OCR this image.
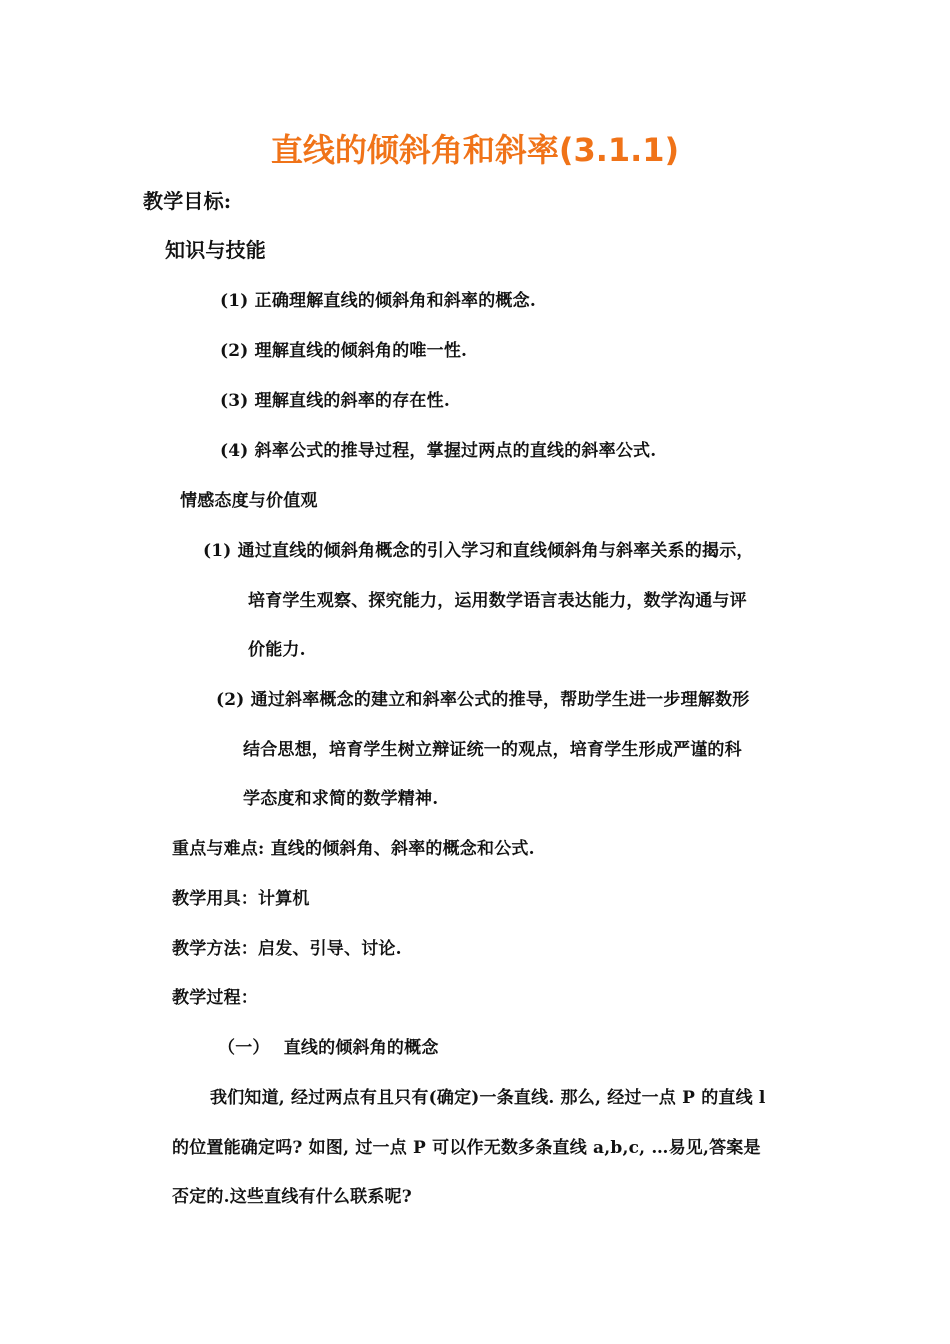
直线的倾斜角和斜率(3.1.1)
教学目标:
知识与技能
(1) 正确理解直线的倾斜角和斜率的概念.
(2) 理解直线的倾斜角的唯一性.
(3) 理解直线的斜率的存在性.
(4) 斜率公式的推导过程，掌握过两点的直线的斜率公式.
情感态度与价值观
(1) 通过直线的倾斜角概念的引入学习和直线倾斜角与斜率关系的揭示，
培育学生观察、探究能力，运用数学语言表达能力，数学沟通与评
价能力.
(2) 通过斜率概念的建立和斜率公式的推导，帮助学生进一步理解数形
结合思想，培育学生树立辩证统一的观点，培育学生形成严谨的科
学态度和求简的数学精神.
重点与难点: 直线的倾斜角、斜率的概念和公式.
教学用具：计算机
教学方法：启发、引导、讨论.
教学过程：
（一） 直线的倾斜角的概念
我们知道, 经过两点有且只有(确定)一条直线. 那么, 经过一点 P 的直线 l
的位置能确定吗? 如图, 过一点 P 可以作无数多条直线 a,b,c, …易见,答案是
否定的.这些直线有什么联系呢?
